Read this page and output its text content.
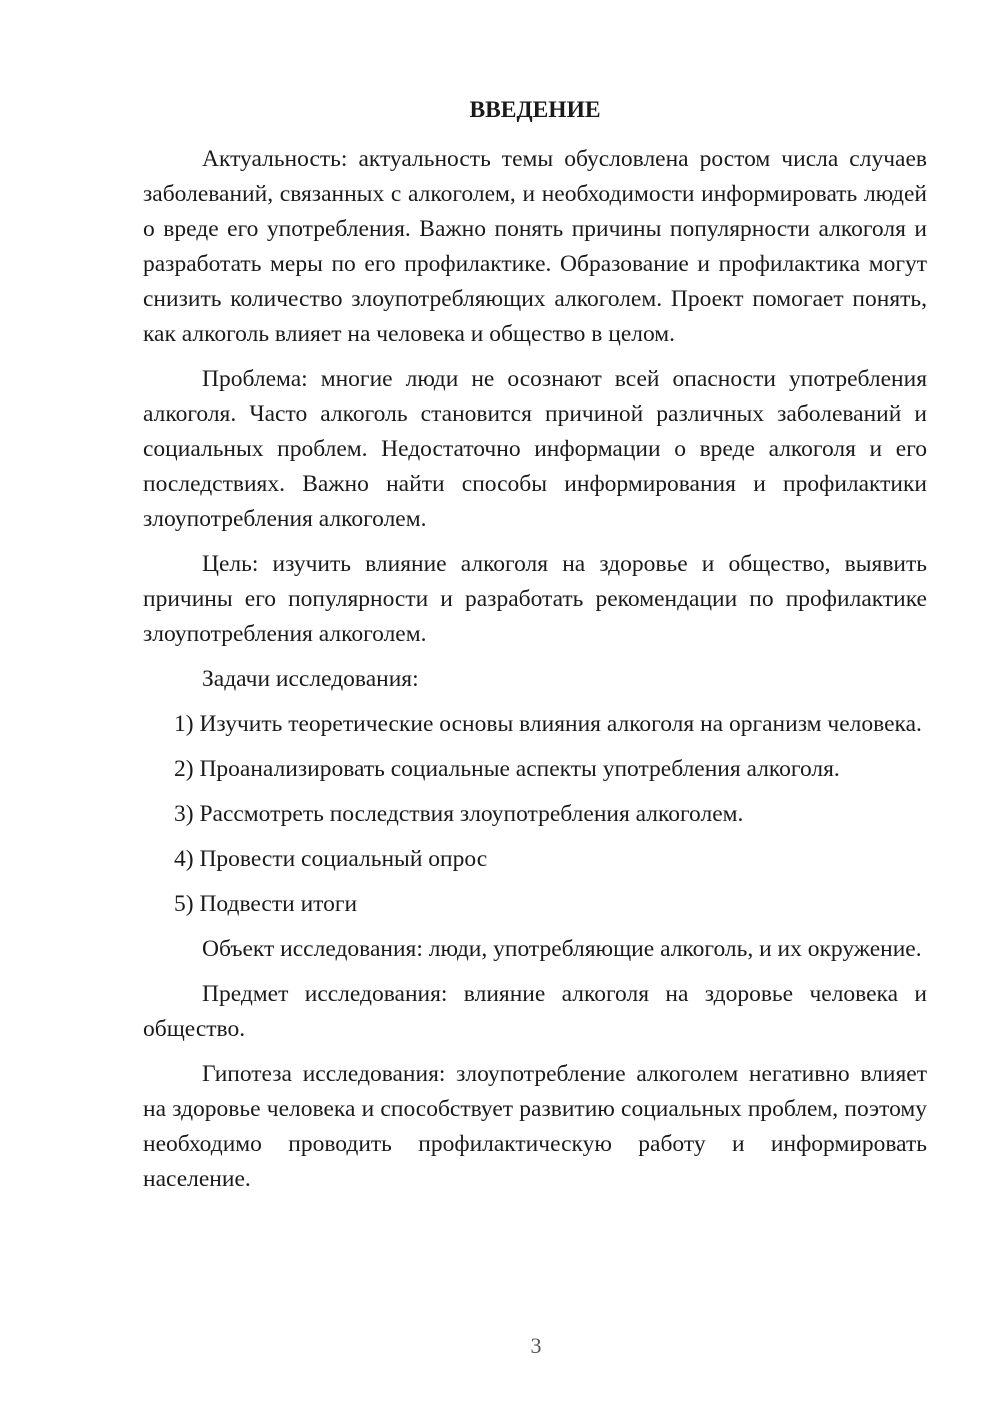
ВВЕДЕНИЕ

Актуальность: актуальность темы обусловлена ростом числа случаев заболеваний, связанных с алкоголем, и необходимости информировать людей о вреде его употребления. Важно понять причины популярности алкоголя и разработать меры по его профилактике. Образование и профилактика могут снизить количество злоупотребляющих алкоголем. Проект помогает понять, как алкоголь влияет на человека и общество в целом.

Проблема: многие люди не осознают всей опасности употребления алкоголя. Часто алкоголь становится причиной различных заболеваний и социальных проблем. Недостаточно информации о вреде алкоголя и его последствиях. Важно найти способы информирования и профилактики злоупотребления алкоголем.

Цель: изучить влияние алкоголя на здоровье и общество, выявить причины его популярности и разработать рекомендации по профилактике злоупотребления алкоголем.

Задачи исследования:

1) Изучить теоретические основы влияния алкоголя на организм человека.

2) Проанализировать социальные аспекты употребления алкоголя.

3) Рассмотреть последствия злоупотребления алкоголем.

4) Провести социальный опрос

5) Подвести итоги

Объект исследования: люди, употребляющие алкоголь, и их окружение.

Предмет исследования: влияние алкоголя на здоровье человека и общество.

Гипотеза исследования: злоупотребление алкоголем негативно влияет на здоровье человека и способствует развитию социальных проблем, поэтому необходимо проводить профилактическую работу и информировать население.

3
